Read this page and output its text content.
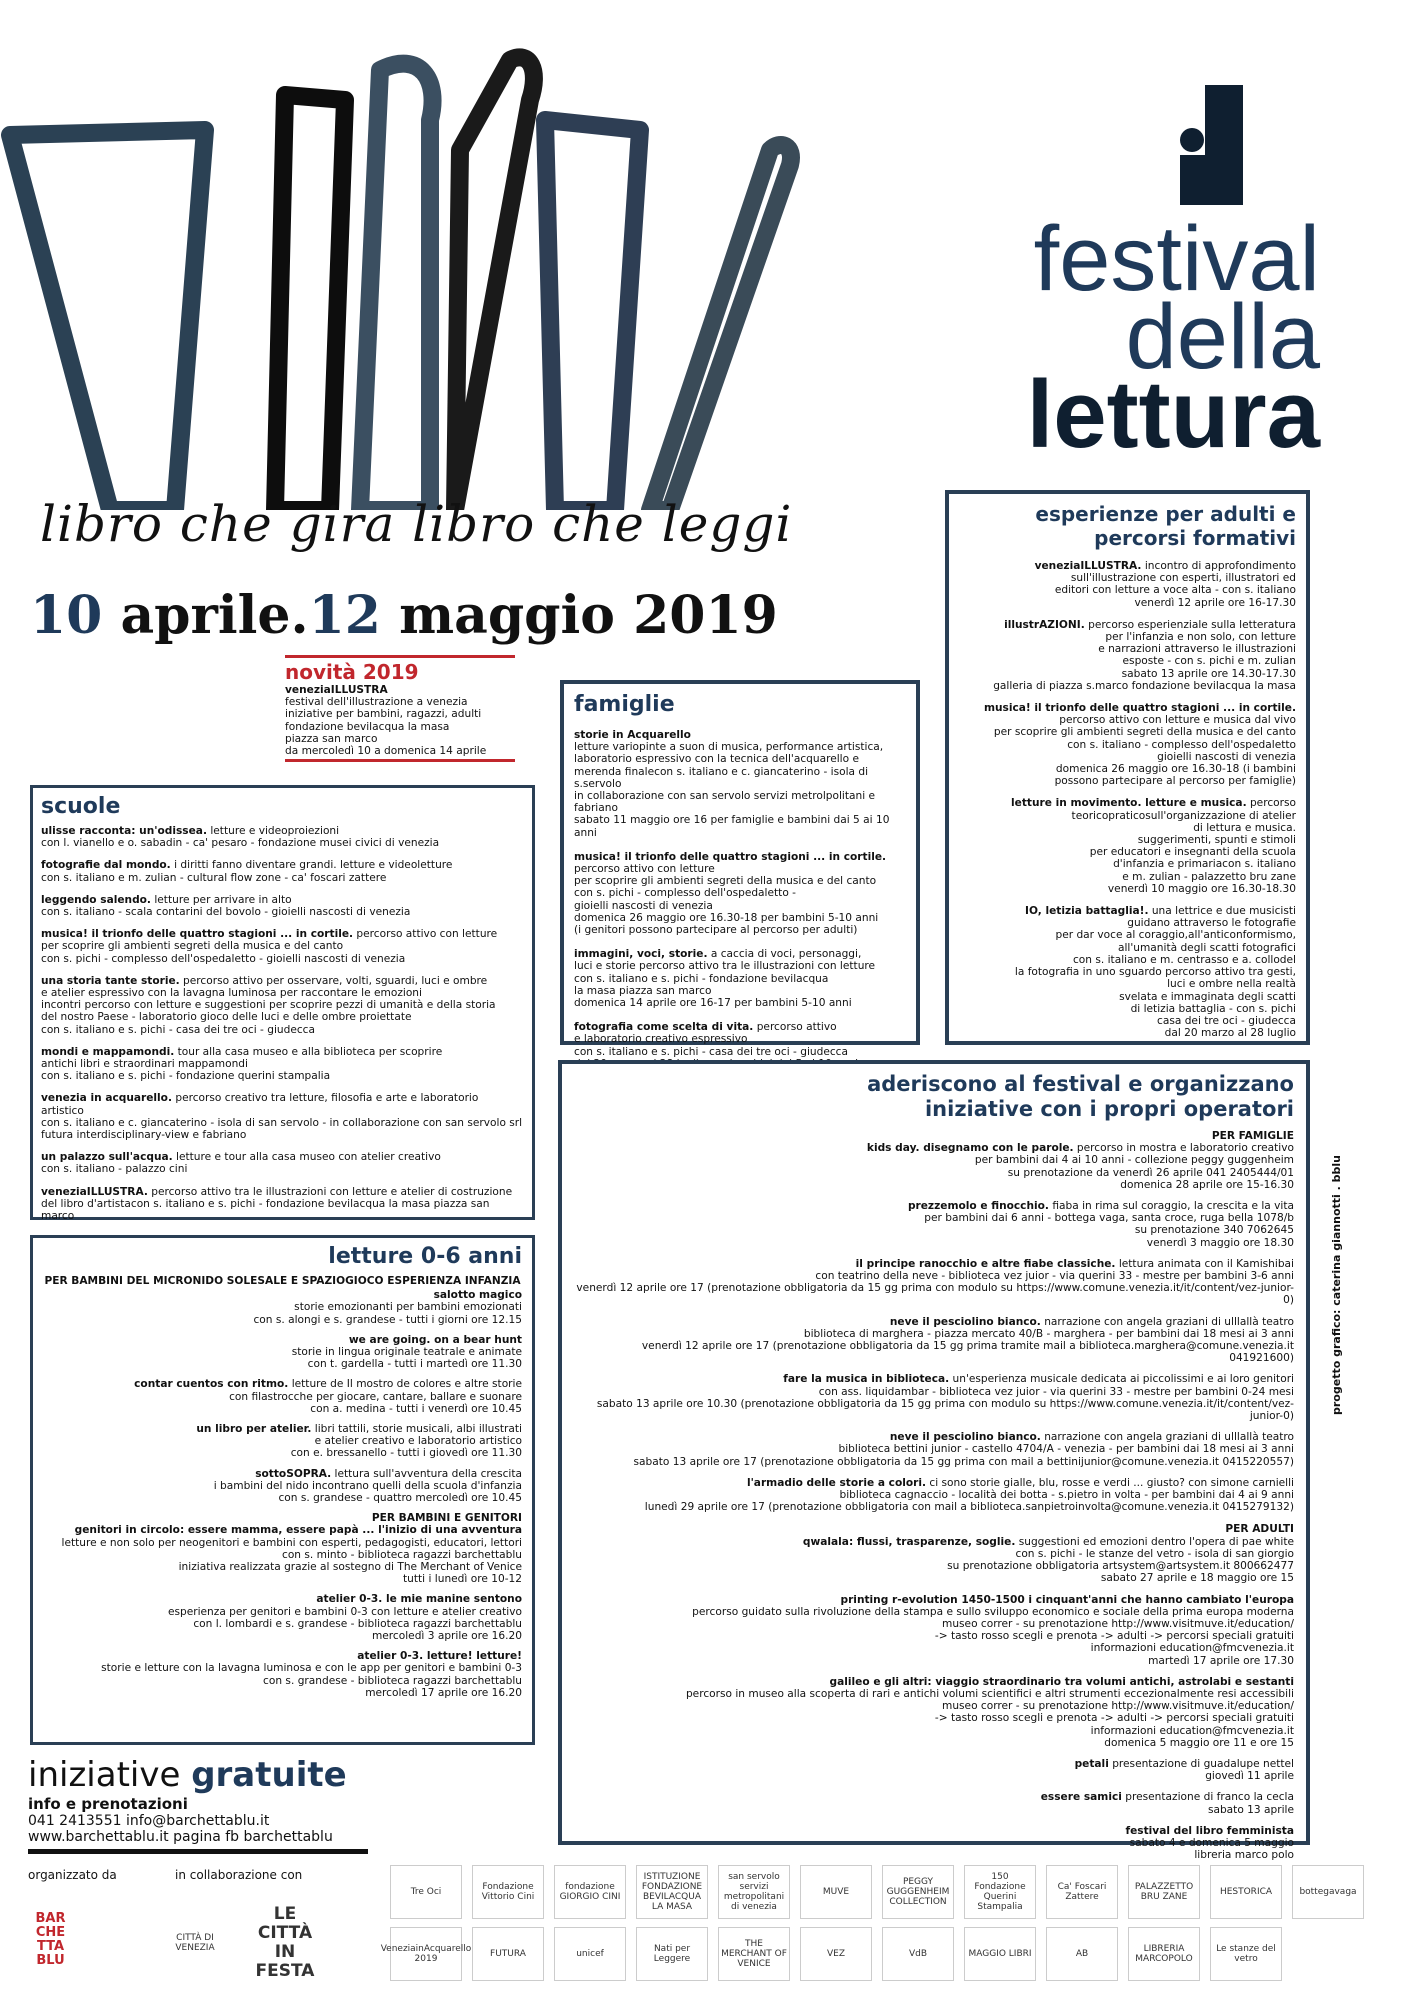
libro che gira libro che leggi
10 aprile.12 maggio 2019
festival
della
lettura
novità 2019
veneziaILLUSTRA
festival dell'illustrazione a venezia
iniziative per bambini, ragazzi, adulti
fondazione bevilacqua la masa
piazza san marco
da mercoledì 10 a domenica 14 aprile
scuole
ulisse racconta: un'odissea. letture e videoproiezioni
con l. vianello e o. sabadin - ca' pesaro - fondazione musei civici di venezia
fotografie dal mondo. i diritti fanno diventare grandi. letture e videoletture
con s. italiano e m. zulian - cultural flow zone - ca' foscari zattere
leggendo salendo. letture per arrivare in alto
con s. italiano - scala contarini del bovolo - gioielli nascosti di venezia
musica! il trionfo delle quattro stagioni ... in cortile. percorso attivo con letture
per scoprire gli ambienti segreti della musica e del canto
con s. pichi - complesso dell'ospedaletto - gioielli nascosti di venezia
una storia tante storie. percorso attivo per osservare, volti, sguardi, luci e ombre
e atelier espressivo con la lavagna luminosa per raccontare le emozioni
incontri percorso con letture e suggestioni per scoprire pezzi di umanità e della storia
del nostro Paese - laboratorio gioco delle luci e delle ombre proiettate
con s. italiano e s. pichi - casa dei tre oci - giudecca
mondi e mappamondi. tour alla casa museo e alla biblioteca per scoprire
antichi libri e straordinari mappamondi
con s. italiano e s. pichi - fondazione querini stampalia
venezia in acquarello. percorso creativo tra letture, filosofia e arte e laboratorio artistico
con s. italiano e c. giancaterino - isola di san servolo - in collaborazione con san servolo srl
futura interdisciplinary-view e fabriano
un palazzo sull'acqua. letture e tour alla casa museo con atelier creativo
con s. italiano - palazzo cini
veneziaILLUSTRA. percorso attivo tra le illustrazioni con letture e atelier di costruzione
del libro d'artistacon s. italiano e s. pichi - fondazione bevilacqua la masa piazza san marco
famiglie
storie in Acquarello
letture variopinte a suon di musica, performance artistica,
laboratorio espressivo con la tecnica dell'acquarello e
merenda finalecon s. italiano e c. giancaterino - isola di s.servolo
in collaborazione con san servolo servizi metrolpolitani e fabriano
sabato 11 maggio ore 16 per famiglie e bambini dai 5 ai 10 anni
musica! il trionfo delle quattro stagioni ... in cortile.
percorso attivo con letture
per scoprire gli ambienti segreti della musica e del canto
con s. pichi - complesso dell'ospedaletto -
gioielli nascosti di venezia
domenica 26 maggio ore 16.30-18 per bambini 5-10 anni
(i genitori possono partecipare al percorso per adulti)
immagini, voci, storie. a caccia di voci, personaggi,
luci e storie percorso attivo tra le illustrazioni con letture
con s. italiano e s. pichi - fondazione bevilacqua
la masa piazza san marco
domenica 14 aprile ore 16-17 per bambini 5-10 anni
fotografia come scelta di vita. percorso attivo
e laboratorio creativo espressivo
con s. italiano e s. pichi - casa dei tre oci - giudecca

esperienze per adulti e
percorsi formativi
veneziaILLUSTRA. incontro di approfondimento
sull'illustrazione con esperti, illustratori ed
editori con letture a voce alta - con s. italiano
venerdì 12 aprile ore 16-17.30
illustrAZIONI. percorso esperienziale sulla letteratura
per l'infanzia e non solo, con letture
e narrazioni attraverso le illustrazioni
esposte - con s. pichi e m. zulian
sabato 13 aprile ore 14.30-17.30
galleria di piazza s.marco fondazione bevilacqua la masa
musica! il trionfo delle quattro stagioni ... in cortile.
percorso attivo con letture e musica dal vivo
per scoprire gli ambienti segreti della musica e del canto
con s. italiano - complesso dell'ospedaletto
gioielli nascosti di venezia
domenica 26 maggio ore 16.30-18 (i bambini
possono partecipare al percorso per famiglie)
letture in movimento. letture e musica. percorso
teoricopraticosull'organizzazione di atelier
di lettura e musica.
suggerimenti, spunti e stimoli
per educatori e insegnanti della scuola
d'infanzia e primariacon s. italiano
e m. zulian - palazzetto bru zane
venerdì 10 maggio ore 16.30-18.30
IO, letizia battaglia!. una lettrice e due musicisti
guidano attraverso le fotografie
per dar voce al coraggio,all'anticonformismo,
all'umanità degli scatti fotografici
con s. italiano e m. centrasso e a. collodel
la fotografia in uno sguardo percorso attivo tra gesti,
luci e ombre nella realtà
svelata e immaginata degli scatti
di letizia battaglia - con s. pichi
casa dei tre oci - giudecca
dal 20 marzo al 28 luglio
letture 0-6 anni
PER BAMBINI DEL MICRONIDO SOLESALE E SPAZIOGIOCO ESPERIENZA INFANZIA
salotto magico
storie emozionanti per bambini emozionati
con s. alongi e s. grandese - tutti i giorni ore 12.15
we are going. on a bear hunt
storie in lingua originale teatrale e animate
con t. gardella - tutti i martedì ore 11.30
contar cuentos con ritmo. letture de Il mostro de colores e altre storie
con filastrocche per giocare, cantare, ballare e suonare
con a. medina - tutti i venerdì ore 10.45
un libro per atelier. libri tattili, storie musicali, albi illustrati
e atelier creativo e laboratorio artistico
con e. bressanello - tutti i giovedì ore 11.30
sottoSOPRA. lettura sull'avventura della crescita
i bambini del nido incontrano quelli della scuola d'infanzia
con s. grandese - quattro mercoledì ore 10.45
PER BAMBINI E GENITORI
genitori in circolo: essere mamma, essere papà ... l'inizio di una avventura
letture e non solo per neogenitori e bambini con esperti, pedagogisti, educatori, lettori
con s. minto - biblioteca ragazzi barchettablu
iniziativa realizzata grazie al sostegno di The Merchant of Venice
tutti i lunedì ore 10-12
atelier 0-3. le mie manine sentono
esperienza per genitori e bambini 0-3 con letture e atelier creativo
con l. lombardi e s. grandese - biblioteca ragazzi barchettablu
mercoledì 3 aprile ore 16.20
atelier 0-3. letture! letture!
storie e letture con la lavagna luminosa e con le app per genitori e bambini 0-3
con s. grandese - biblioteca ragazzi barchettablu
mercoledì 17 aprile ore 16.20
aderiscono al festival e organizzano
iniziative con i propri operatori
PER FAMIGLIE
kids day. disegnamo con le parole. percorso in mostra e laboratorio creativo
per bambini dai 4 ai 10 anni - collezione peggy guggenheim
su prenotazione da venerdì 26 aprile 041 2405444/01
domenica 28 aprile ore 15-16.30
prezzemolo e finocchio. fiaba in rima sul coraggio, la crescita e la vita
per bambini dai 6 anni - bottega vaga, santa croce, ruga bella 1078/b
su prenotazione 340 7062645
venerdì 3 maggio ore 18.30
il principe ranocchio e altre fiabe classiche. lettura animata con il Kamishibai
con teatrino della neve - biblioteca vez juior - via querini 33 - mestre per bambini 3-6 anni
venerdì 12 aprile ore 17 (prenotazione obbligatoria da 15 gg prima con modulo su https://www.comune.venezia.it/it/content/vez-junior-0)
neve il pesciolino bianco. narrazione con angela graziani di ulllallà teatro
biblioteca di marghera - piazza mercato 40/B - marghera - per bambini dai 18 mesi ai 3 anni
venerdì 12 aprile ore 17 (prenotazione obbligatoria da 15 gg prima tramite mail a biblioteca.marghera@comune.venezia.it 041921600)
fare la musica in biblioteca. un'esperienza musicale dedicata ai piccolissimi e ai loro genitori
con ass. liquidambar - biblioteca vez juior - via querini 33 - mestre per bambini 0-24 mesi
sabato 13 aprile ore 10.30 (prenotazione obbligatoria da 15 gg prima con modulo su https://www.comune.venezia.it/it/content/vez-junior-0)
neve il pesciolino bianco. narrazione con angela graziani di ulllallà teatro
biblioteca bettini junior - castello 4704/A - venezia - per bambini dai 18 mesi ai 3 anni
sabato 13 aprile ore 17 (prenotazione obbligatoria da 15 gg prima con mail a bettinijunior@comune.venezia.it 0415220557)
l'armadio delle storie a colori. ci sono storie gialle, blu, rosse e verdi ... giusto? con simone carnielli
biblioteca cagnaccio - località dei botta - s.pietro in volta - per bambini dai 4 ai 9 anni
lunedì 29 aprile ore 17 (prenotazione obbligatoria con mail a biblioteca.sanpietroinvolta@comune.venezia.it 0415279132)
PER ADULTI
qwalala: flussi, trasparenze, soglie. suggestioni ed emozioni dentro l'opera di pae white
con s. pichi - le stanze del vetro - isola di san giorgio
su prenotazione obbligatoria artsystem@artsystem.it 800662477
sabato 27 aprile e 18 maggio ore 15
printing r-evolution 1450-1500 i cinquant'anni che hanno cambiato l'europa
percorso guidato sulla rivoluzione della stampa e sullo sviluppo economico e sociale della prima europa moderna
museo correr - su prenotazione http://www.visitmuve.it/education/
-> tasto rosso scegli e prenota -> adulti -> percorsi speciali gratuiti
informazioni education@fmcvenezia.it
martedì 17 aprile ore 17.30
galileo e gli altri: viaggio straordinario tra volumi antichi, astrolabi e sestanti
percorso in museo alla scoperta di rari e antichi volumi scientifici e altri strumenti eccezionalmente resi accessibili
museo correr - su prenotazione http://www.visitmuve.it/education/
-> tasto rosso scegli e prenota -> adulti -> percorsi speciali gratuiti
informazioni education@fmcvenezia.it
domenica 5 maggio ore 11 e ore 15
petali presentazione di guadalupe nettel
giovedì 11 aprile
essere samici presentazione di franco la cecla
sabato 13 aprile
festival del libro femminista
sabato 4 e domenica 5 maggio
libreria marco polo
progetto grafico: caterina giannotti . bblu
iniziative gratuite
info e prenotazioni
041 2413551 info@barchettablu.it
www.barchettablu.it pagina fb barchettablu
organizzato da	in collaborazione con
BAR CHE TTA BLU
CITTÀ DI VENEZIA
LE CITTÀ IN FESTA
Tre Oci	Fondazione Vittorio Cini
fondazione GIORGIO CINI
ISTITUZIONE FONDAZIONE BEVILACQUA LA MASA
san servolo servizi metropolitani di venezia
MUVE
PEGGY GUGGENHEIM COLLECTION
150 Fondazione Querini Stampalia
Ca' Foscari Zattere
PALAZZETTO BRU ZANE	HESTORICA	bottegavaga
VeneziainAcquarello 2019	FUTURA	unicef	Nati per Leggere
THE MERCHANT OF VENICE
VEZ	VdB	MAGGIO LIBRI	AB	LIBRERIA MARCOPOLO
Le stanze del vetro
